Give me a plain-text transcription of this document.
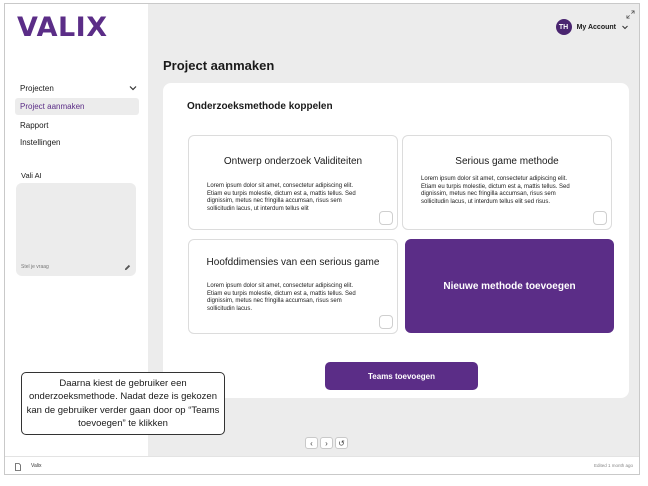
VALIX
Projecten
Project aanmaken
Rapport
Instellingen
Vali AI
Stel je vraag
TH	My Account
Project aanmaken
Onderzoeksmethode koppelen
Ontwerp onderzoek Validiteiten
Lorem ipsum dolor sit amet, consectetur adipiscing elit. Etiam eu turpis molestie, dictum est a, mattis tellus. Sed dignissim, metus nec fringilla accumsan, risus sem sollicitudin lacus, ut interdum tellus elit
Serious game methode
Lorem ipsum dolor sit amet, consectetur adipiscing elit. Etiam eu turpis molestie, dictum est a, mattis tellus. Sed dignissim, metus nec fringilla accumsan, risus sem sollicitudin lacus, ut interdum tellus elit sed risus.
Hoofddimensies van een serious game
Lorem ipsum dolor sit amet, consectetur adipiscing elit. Etiam eu turpis molestie, dictum est a, mattis tellus. Sed dignissim, metus nec fringilla accumsan, risus sem sollicitudin lacus.
Nieuwe methode toevoegen
Teams toevoegen
‹	›	↺
Valix	Edited 1 month ago
Daarna kiest de gebruiker een onderzoeksmethode. Nadat deze is gekozen kan de gebruiker verder gaan door op “Teams toevoegen” te klikken
